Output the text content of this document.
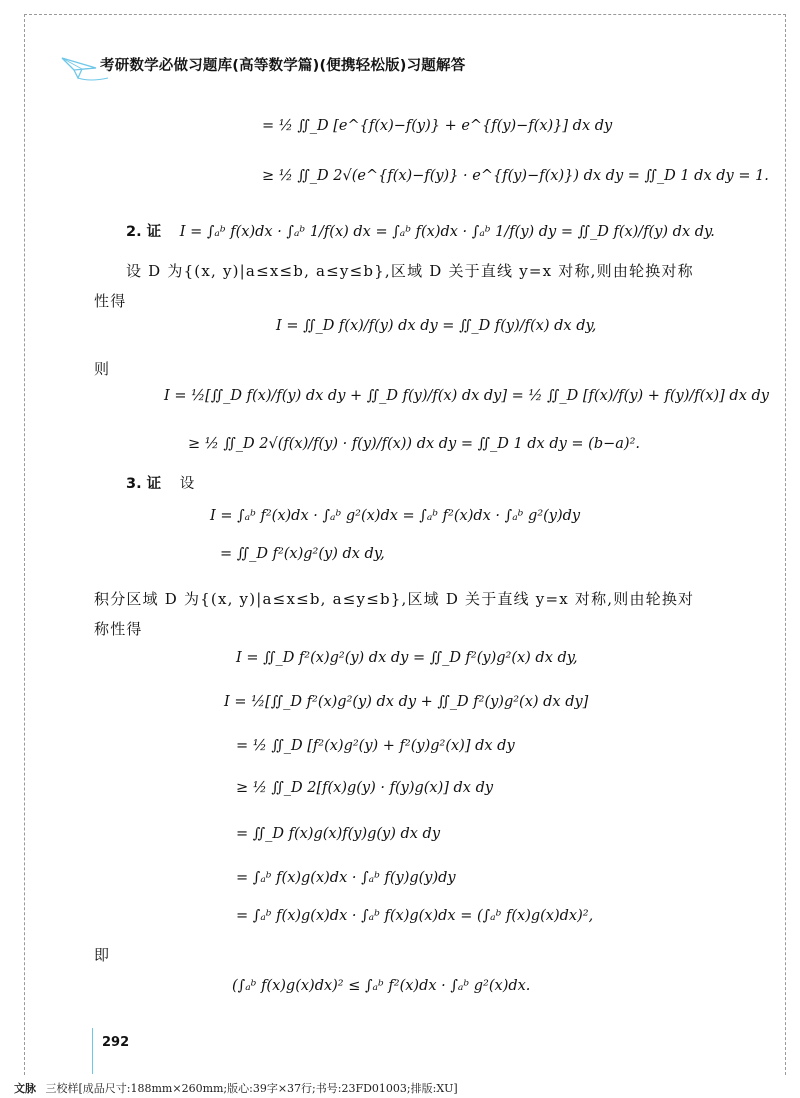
考研数学必做习题库(高等数学篇)(便携轻松版)习题解答
= ½ ∬_D [e^{f(x)−f(y)} + e^{f(y)−f(x)}] dx dy
≥ ½ ∬_D 2√(e^{f(x)−f(y)} · e^{f(y)−f(x)}) dx dy = ∬_D 1 dx dy = 1.
2. 证 I = ∫ₐᵇ f(x)dx · ∫ₐᵇ 1/f(x) dx = ∫ₐᵇ f(x)dx · ∫ₐᵇ 1/f(y) dy = ∬_D f(x)/f(y) dx dy.
设 D 为{(x, y)|a≤x≤b, a≤y≤b},区域 D 关于直线 y=x 对称,则由轮换对称
性得
I = ∬_D f(x)/f(y) dx dy = ∬_D f(y)/f(x) dx dy,
则
I = ½[∬_D f(x)/f(y) dx dy + ∬_D f(y)/f(x) dx dy] = ½ ∬_D [f(x)/f(y) + f(y)/f(x)] dx dy
≥ ½ ∬_D 2√(f(x)/f(y) · f(y)/f(x)) dx dy = ∬_D 1 dx dy = (b−a)².
3. 证 设
I = ∫ₐᵇ f²(x)dx · ∫ₐᵇ g²(x)dx = ∫ₐᵇ f²(x)dx · ∫ₐᵇ g²(y)dy
= ∬_D f²(x)g²(y) dx dy,
积分区域 D 为{(x, y)|a≤x≤b, a≤y≤b},区域 D 关于直线 y=x 对称,则由轮换对
称性得
I = ∬_D f²(x)g²(y) dx dy = ∬_D f²(y)g²(x) dx dy,
I = ½[∬_D f²(x)g²(y) dx dy + ∬_D f²(y)g²(x) dx dy]
= ½ ∬_D [f²(x)g²(y) + f²(y)g²(x)] dx dy
≥ ½ ∬_D 2[f(x)g(y) · f(y)g(x)] dx dy
= ∬_D f(x)g(x)f(y)g(y) dx dy
= ∫ₐᵇ f(x)g(x)dx · ∫ₐᵇ f(y)g(y)dy
= ∫ₐᵇ f(x)g(x)dx · ∫ₐᵇ f(x)g(x)dx = (∫ₐᵇ f(x)g(x)dx)²,
即
(∫ₐᵇ f(x)g(x)dx)² ≤ ∫ₐᵇ f²(x)dx · ∫ₐᵇ g²(x)dx.
292
文脉 三校样[成品尺寸:188mm×260mm;版心:39字×37行;书号:23FD01003;排版:XU]
